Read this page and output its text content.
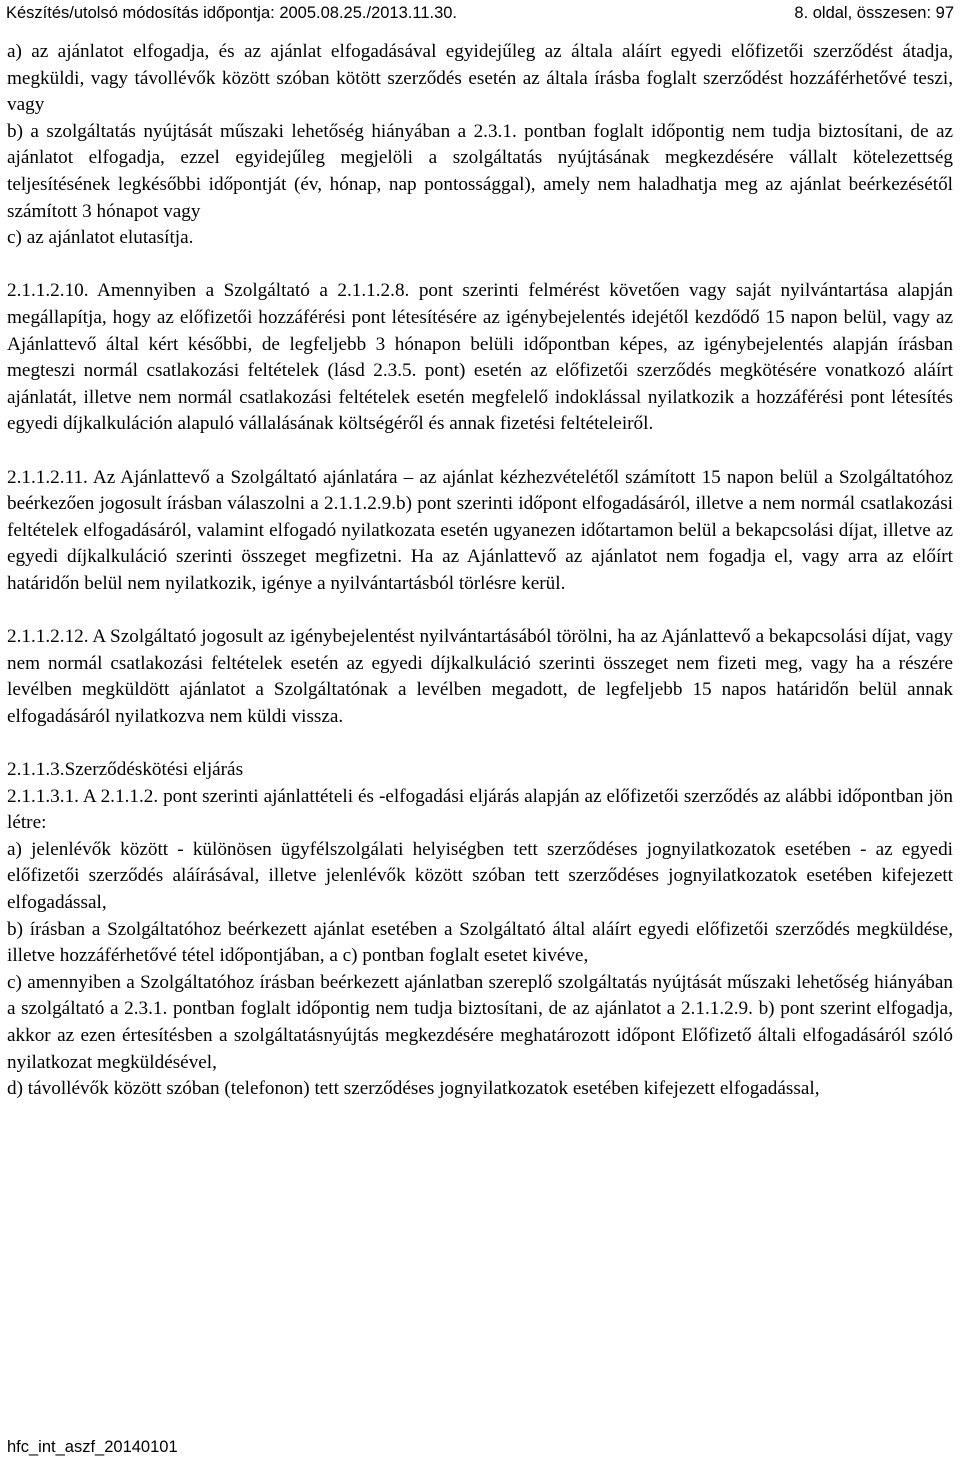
Készítés/utolsó módosítás időpontja: 2005.08.25./2013.11.30.	8. oldal, összesen: 97

a) az ajánlatot elfogadja, és az ajánlat elfogadásával egyidejűleg az általa aláírt egyedi előfizetői szerződést átadja, megküldi, vagy távollévők között szóban kötött szerződés esetén az általa írásba foglalt szerződést hozzáférhetővé teszi, vagy

b) a szolgáltatás nyújtását műszaki lehetőség hiányában a 2.3.1. pontban foglalt időpontig nem tudja biztosítani, de az ajánlatot elfogadja, ezzel egyidejűleg megjelöli a szolgáltatás nyújtásának megkezdésére vállalt kötelezettség teljesítésének legkésőbbi időpontját (év, hónap, nap pontossággal), amely nem haladhatja meg az ajánlat beérkezésétől számított 3 hónapot vagy

c) az ajánlatot elutasítja.

2.1.1.2.10. Amennyiben a Szolgáltató a 2.1.1.2.8. pont szerinti felmérést követően vagy saját nyilvántartása alapján megállapítja, hogy az előfizetői hozzáférési pont létesítésére az igénybejelentés idejétől kezdődő 15 napon belül, vagy az Ajánlattevő által kért későbbi, de legfeljebb 3 hónapon belüli időpontban képes, az igénybejelentés alapján írásban megteszi normál csatlakozási feltételek (lásd 2.3.5. pont) esetén az előfizetői szerződés megkötésére vonatkozó aláírt ajánlatát, illetve nem normál csatlakozási feltételek esetén megfelelő indoklással nyilatkozik a hozzáférési pont létesítés egyedi díjkalkuláción alapuló vállalásának költségéről és annak fizetési feltételeiről.

2.1.1.2.11. Az Ajánlattevő a Szolgáltató ajánlatára – az ajánlat kézhezvételétől számított 15 napon belül a Szolgáltatóhoz beérkezően jogosult írásban válaszolni a 2.1.1.2.9.b) pont szerinti időpont elfogadásáról, illetve a nem normál csatlakozási feltételek elfogadásáról, valamint elfogadó nyilatkozata esetén ugyanezen időtartamon belül a bekapcsolási díjat, illetve az egyedi díjkalkuláció szerinti összeget megfizetni. Ha az Ajánlattevő az ajánlatot nem fogadja el, vagy arra az előírt határidőn belül nem nyilatkozik, igénye a nyilvántartásból törlésre kerül.

2.1.1.2.12. A Szolgáltató jogosult az igénybejelentést nyilvántartásából törölni, ha az Ajánlattevő a bekapcsolási díjat, vagy nem normál csatlakozási feltételek esetén az egyedi díjkalkuláció szerinti összeget nem fizeti meg, vagy ha a részére levélben megküldött ajánlatot a Szolgáltatónak a levélben megadott, de legfeljebb 15 napos határidőn belül annak elfogadásáról nyilatkozva nem küldi vissza.

2.1.1.3.Szerződéskötési eljárás

2.1.1.3.1. A 2.1.1.2. pont szerinti ajánlattételi és -elfogadási eljárás alapján az előfizetői szerződés az alábbi időpontban jön létre:

a) jelenlévők között - különösen ügyfélszolgálati helyiségben tett szerződéses jognyilatkozatok esetében - az egyedi előfizetői szerződés aláírásával, illetve jelenlévők között szóban tett szerződéses jognyilatkozatok esetében kifejezett elfogadással,

b) írásban a Szolgáltatóhoz beérkezett ajánlat esetében a Szolgáltató által aláírt egyedi előfizetői szerződés megküldése, illetve hozzáférhetővé tétel időpontjában, a c) pontban foglalt esetet kivéve,

c) amennyiben a Szolgáltatóhoz írásban beérkezett ajánlatban szereplő szolgáltatás nyújtását műszaki lehetőség hiányában a szolgáltató a 2.3.1. pontban foglalt időpontig nem tudja biztosítani, de az ajánlatot a 2.1.1.2.9. b) pont szerint elfogadja, akkor az ezen értesítésben a szolgáltatásnyújtás megkezdésére meghatározott időpont Előfizető általi elfogadásáról szóló nyilatkozat megküldésével,

d) távollévők között szóban (telefonon) tett szerződéses jognyilatkozatok esetében kifejezett elfogadással,

hfc_int_aszf_20140101
